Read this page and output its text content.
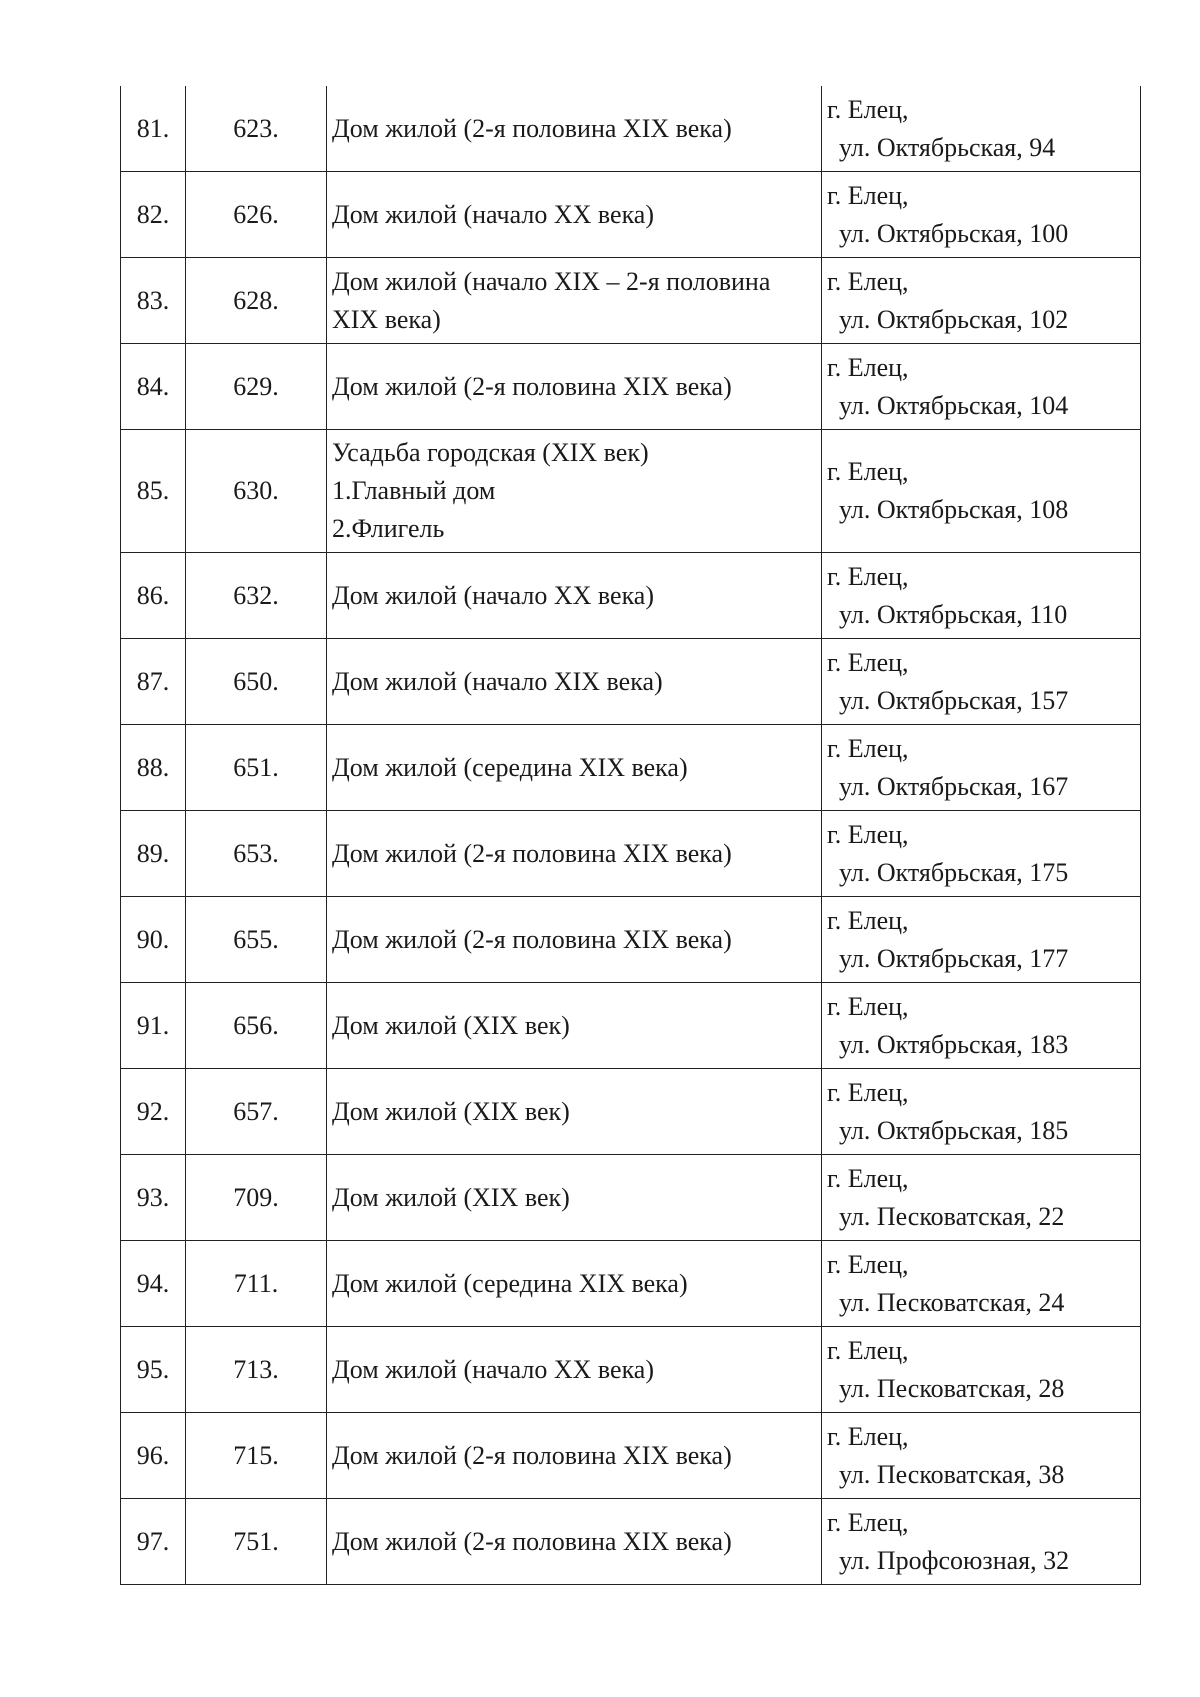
81.	623.	Дом жилой (2-я половина XIX века)	г. Елец,
ул. Октябрьская, 94

82.	626.	Дом жилой (начало XX века)	г. Елец,
ул. Октябрьская, 100

83.	628.	Дом жилой (начало XIX – 2-я половина
XIX века)	г. Елец,
ул. Октябрьская, 102

84.	629.	Дом жилой (2-я половина XIX века)	г. Елец,
ул. Октябрьская, 104

85.	630.	Усадьба городская (XIX век)
1.Главный дом
2.Флигель	г. Елец,
ул. Октябрьская, 108

86.	632.	Дом жилой (начало XX века)	г. Елец,
ул. Октябрьская, 110

87.	650.	Дом жилой (начало XIX века)	г. Елец,
ул. Октябрьская, 157

88.	651.	Дом жилой (середина XIX века)	г. Елец,
ул. Октябрьская, 167

89.	653.	Дом жилой (2-я половина XIX века)	г. Елец,
ул. Октябрьская, 175

90.	655.	Дом жилой (2-я половина XIX века)	г. Елец,
ул. Октябрьская, 177

91.	656.	Дом жилой (XIX век)	г. Елец,
ул. Октябрьская, 183

92.	657.	Дом жилой (XIX век)	г. Елец,
ул. Октябрьская, 185

93.	709.	Дом жилой (XIX век)	г. Елец,
ул. Песковатская, 22

94.	711.	Дом жилой (середина XIX века)	г. Елец,
ул. Песковатская, 24

95.	713.	Дом жилой (начало XX века)	г. Елец,
ул. Песковатская, 28

96.	715.	Дом жилой (2-я половина XIX века)	г. Елец,
ул. Песковатская, 38

97.	751.	Дом жилой (2-я половина XIX века)	г. Елец,
ул. Профсоюзная, 32
